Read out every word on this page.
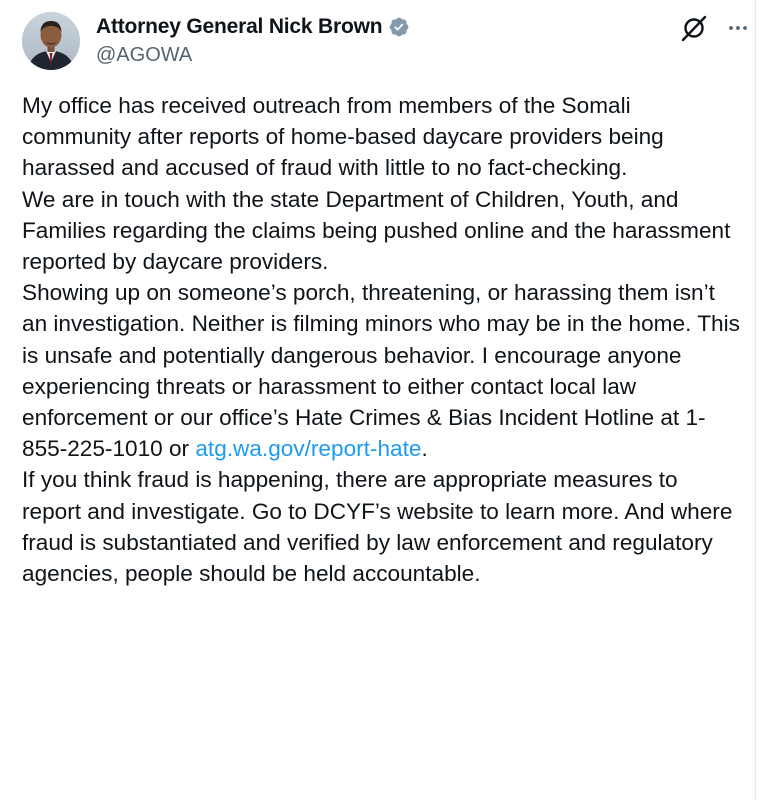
Attorney General Nick Brown
@AGOWA

My office has received outreach from members of the Somali community after reports of home-based daycare providers being harassed and accused of fraud with little to no fact-checking.

We are in touch with the state Department of Children, Youth, and Families regarding the claims being pushed online and the harassment reported by daycare providers.

Showing up on someone’s porch, threatening, or harassing them isn’t an investigation. Neither is filming minors who may be in the home. This is unsafe and potentially dangerous behavior. I encourage anyone experiencing threats or harassment to either contact local law enforcement or our office’s Hate Crimes & Bias Incident Hotline at 1-855-225-1010 or atg.wa.gov/report-hate.

If you think fraud is happening, there are appropriate measures to report and investigate. Go to DCYF’s website to learn more. And where fraud is substantiated and verified by law enforcement and regulatory agencies, people should be held accountable.
